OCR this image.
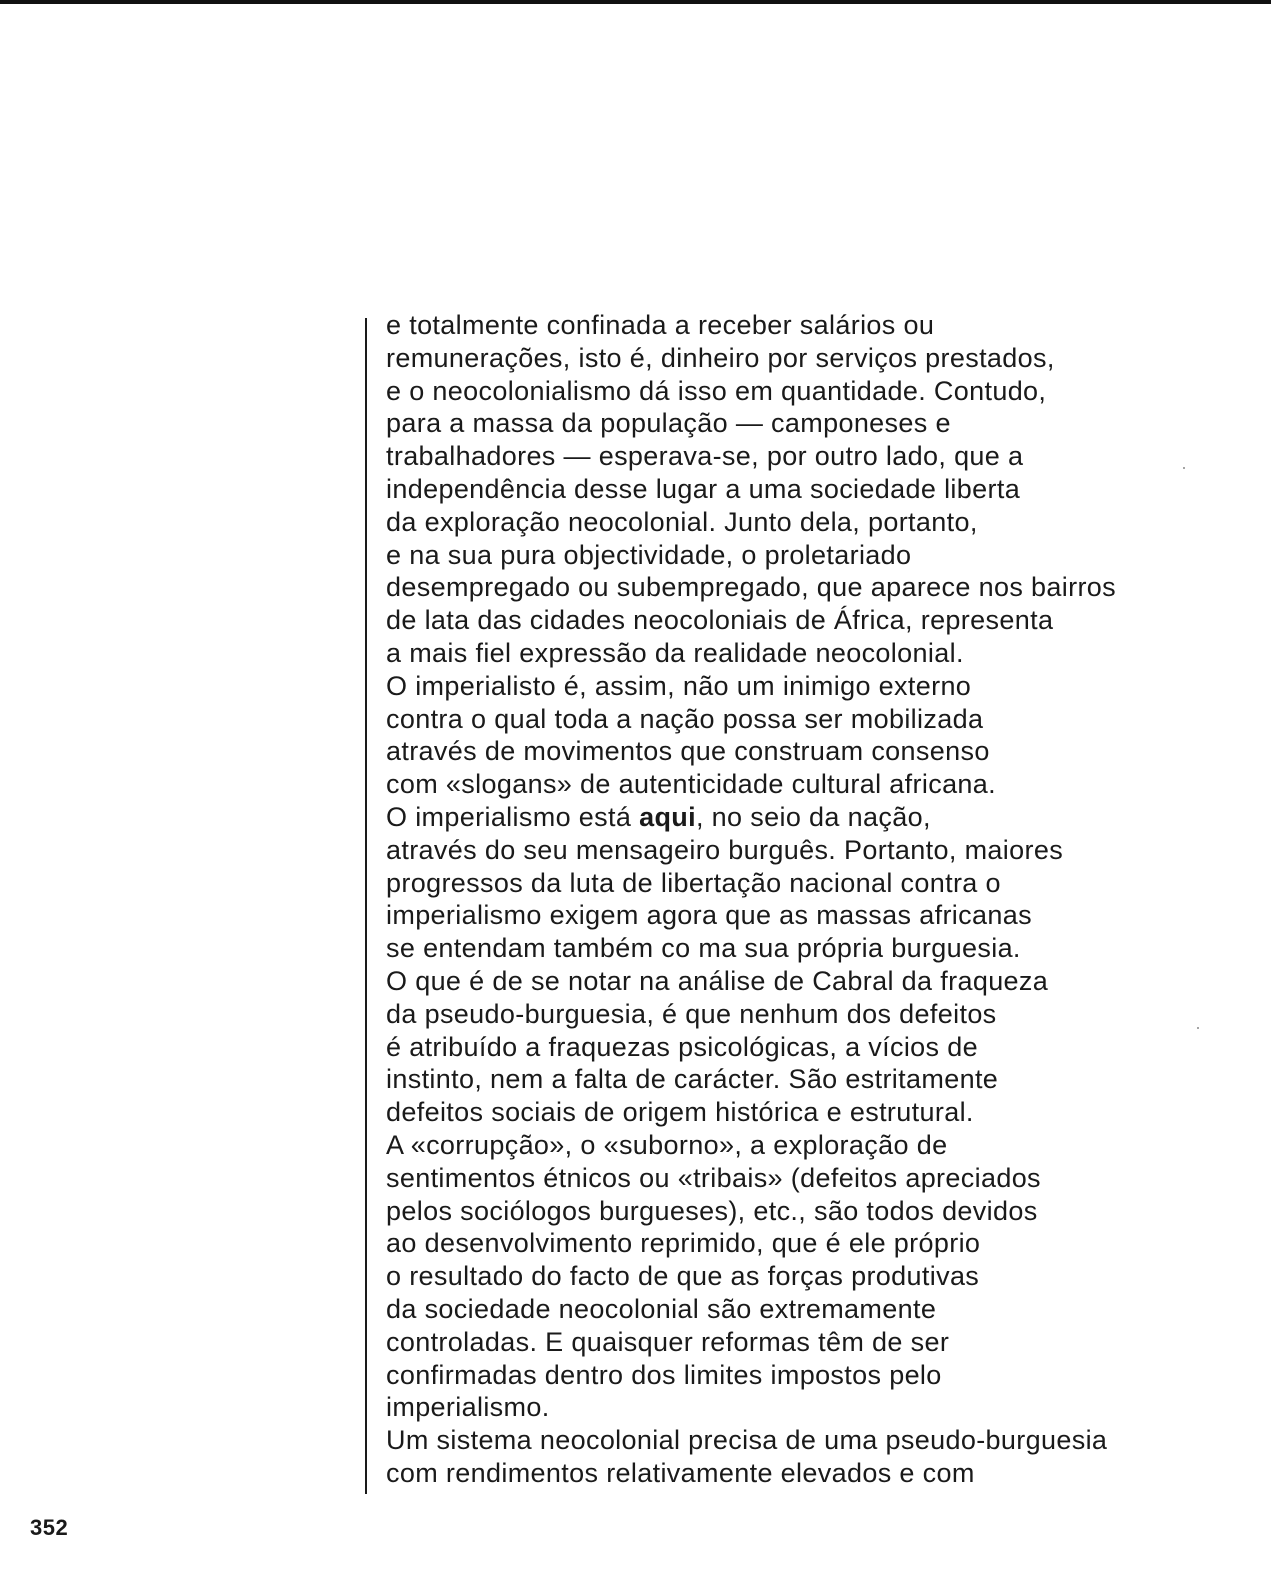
e totalmente confinada a receber salários ou
remunerações, isto é, dinheiro por serviços prestados,
e o neocolonialismo dá isso em quantidade. Contudo,
para a massa da população — camponeses e
trabalhadores — esperava-se, por outro lado, que a
independência desse lugar a uma sociedade liberta
da exploração neocolonial. Junto dela, portanto,
e na sua pura objectividade, o proletariado
desempregado ou subempregado, que aparece nos bairros
de lata das cidades neocoloniais de África, representa
a mais fiel expressão da realidade neocolonial.
O imperialisto é, assim, não um inimigo externo
contra o qual toda a nação possa ser mobilizada
através de movimentos que construam consenso
com «slogans» de autenticidade cultural africana.
O imperialismo está aqui, no seio da nação,
através do seu mensageiro burguês. Portanto, maiores
progressos da luta de libertação nacional contra o
imperialismo exigem agora que as massas africanas
se entendam também co ma sua própria burguesia.
O que é de se notar na análise de Cabral da fraqueza
da pseudo-burguesia, é que nenhum dos defeitos
é atribuído a fraquezas psicológicas, a vícios de
instinto, nem a falta de carácter. São estritamente
defeitos sociais de origem histórica e estrutural.
A «corrupção», o «suborno», a exploração de
sentimentos étnicos ou «tribais» (defeitos apreciados
pelos sociólogos burgueses), etc., são todos devidos
ao desenvolvimento reprimido, que é ele próprio
o resultado do facto de que as forças produtivas
da sociedade neocolonial são extremamente
controladas. E quaisquer reformas têm de ser
confirmadas dentro dos limites impostos pelo
imperialismo.
Um sistema neocolonial precisa de uma pseudo-burguesia
com rendimentos relativamente elevados e com
352
